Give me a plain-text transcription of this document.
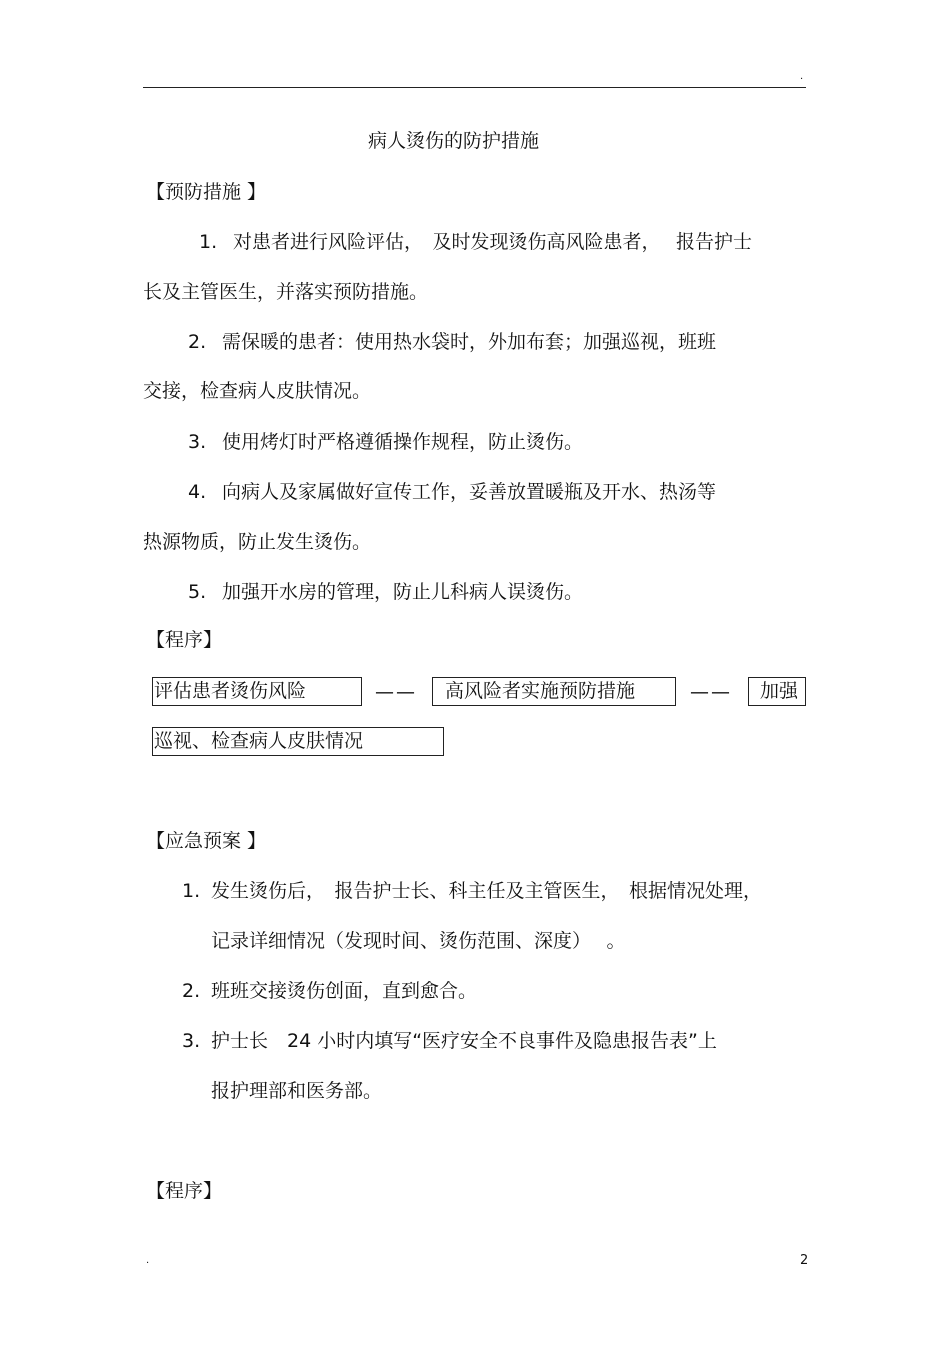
.
病人烫伤的防护措施
【预防措施 】
1. 对患者进行风险评估，　及时发现烫伤高风险患者，　 报告护士
长及主管医生，并落实预防措施。
2. 需保暖的患者：使用热水袋时，外加布套；加强巡视，班班
交接，检查病人皮肤情况。
3. 使用烤灯时严格遵循操作规程，防止烫伤。
4. 向病人及家属做好宣传工作，妥善放置暖瓶及开水、热汤等
热源物质，防止发生烫伤。
5. 加强开水房的管理，防止儿科病人误烫伤。
【程序】
评估患者烫伤风险	——	高风险者实施预防措施	——	加强
巡视、检查病人皮肤情况
【应急预案 】
1. 发生烫伤后，　报告护士长、科主任及主管医生，　根据情况处理，
记录详细情况（发现时间、烫伤范围、深度）　 。
2. 班班交接烫伤创面，直到愈合。
3. 护士长　24 小时内填写“医疗安全不良事件及隐患报告表”上
报护理部和医务部。
【程序】
.	2
